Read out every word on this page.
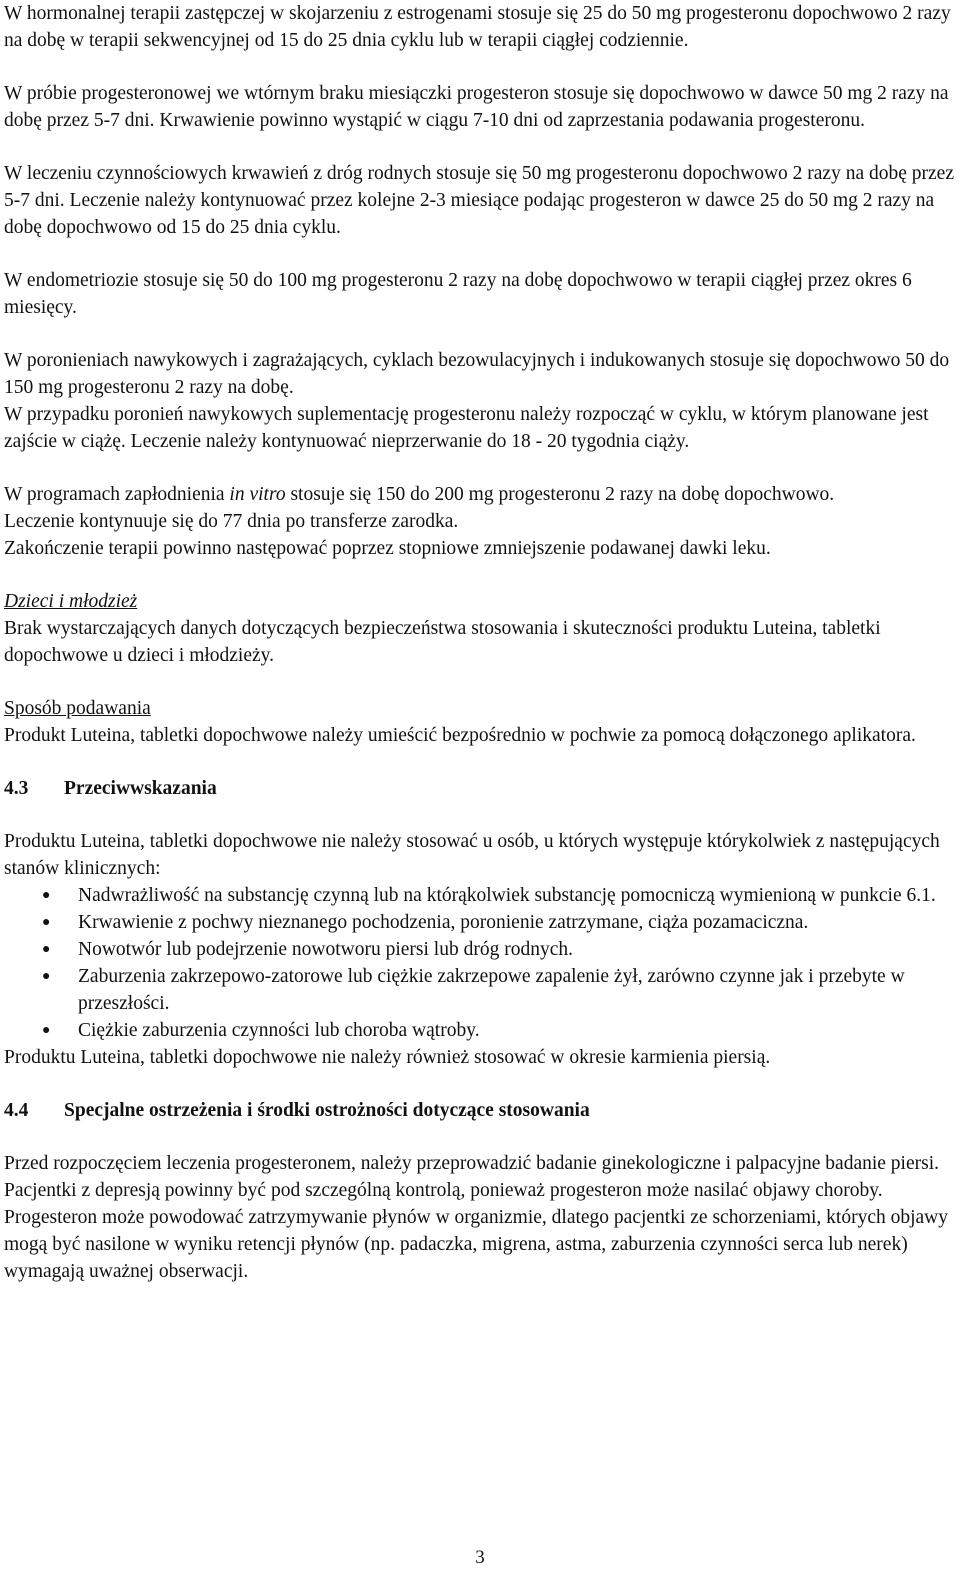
W hormonalnej terapii zastępczej w skojarzeniu z estrogenami stosuje się 25 do 50 mg progesteronu dopochwowo 2 razy na dobę w terapii sekwencyjnej od 15 do 25 dnia cyklu lub w terapii ciągłej codziennie.

W próbie progesteronowej we wtórnym braku miesiączki progesteron stosuje się dopochwowo w dawce 50 mg 2 razy na dobę przez 5-7 dni. Krwawienie powinno wystąpić w ciągu 7-10 dni od zaprzestania podawania progesteronu.

W leczeniu czynnościowych krwawień z dróg rodnych stosuje się 50 mg progesteronu dopochwowo 2 razy na dobę przez 5-7 dni. Leczenie należy kontynuować przez kolejne 2-3 miesiące podając progesteron w dawce 25 do 50 mg 2 razy na dobę dopochwowo od 15 do 25 dnia cyklu.

W endometriozie stosuje się 50 do 100 mg progesteronu 2 razy na dobę dopochwowo w terapii ciągłej przez okres 6 miesięcy.

W poronieniach nawykowych i zagrażających, cyklach bezowulacyjnych i indukowanych stosuje się dopochwowo 50 do 150 mg progesteronu 2 razy na dobę.

W przypadku poronień nawykowych suplementację progesteronu należy rozpocząć w cyklu, w którym planowane jest zajście w ciążę. Leczenie należy kontynuować nieprzerwanie do 18 - 20 tygodnia ciąży.

W programach zapłodnienia in vitro stosuje się 150 do 200 mg progesteronu 2 razy na dobę dopochwowo.

Leczenie kontynuuje się do 77 dnia po transferze zarodka.

Zakończenie terapii powinno następować poprzez stopniowe zmniejszenie podawanej dawki leku.

Dzieci i młodzież

Brak wystarczających danych dotyczących bezpieczeństwa stosowania i skuteczności produktu Luteina, tabletki dopochwowe u dzieci i młodzieży.

Sposób podawania

Produkt Luteina, tabletki dopochwowe należy umieścić bezpośrednio w pochwie za pomocą dołączonego aplikatora.

4.3 Przeciwwskazania

Produktu Luteina, tabletki dopochwowe nie należy stosować u osób, u których występuje którykolwiek z następujących stanów klinicznych:

● Nadwrażliwość na substancję czynną lub na którąkolwiek substancję pomocniczą wymienioną w punkcie 6.1.
● Krwawienie z pochwy nieznanego pochodzenia, poronienie zatrzymane, ciąża pozamaciczna.
● Nowotwór lub podejrzenie nowotworu piersi lub dróg rodnych.
● Zaburzenia zakrzepowo-zatorowe lub ciężkie zakrzepowe zapalenie żył, zarówno czynne jak i przebyte w przeszłości.
● Ciężkie zaburzenia czynności lub choroba wątroby.

Produktu Luteina, tabletki dopochwowe nie należy również stosować w okresie karmienia piersią.

4.4 Specjalne ostrzeżenia i środki ostrożności dotyczące stosowania

Przed rozpoczęciem leczenia progesteronem, należy przeprowadzić badanie ginekologiczne i palpacyjne badanie piersi.

Pacjentki z depresją powinny być pod szczególną kontrolą, ponieważ progesteron może nasilać objawy choroby.

Progesteron może powodować zatrzymywanie płynów w organizmie, dlatego pacjentki ze schorzeniami, których objawy mogą być nasilone w wyniku retencji płynów (np. padaczka, migrena, astma, zaburzenia czynności serca lub nerek) wymagają uważnej obserwacji.

3
